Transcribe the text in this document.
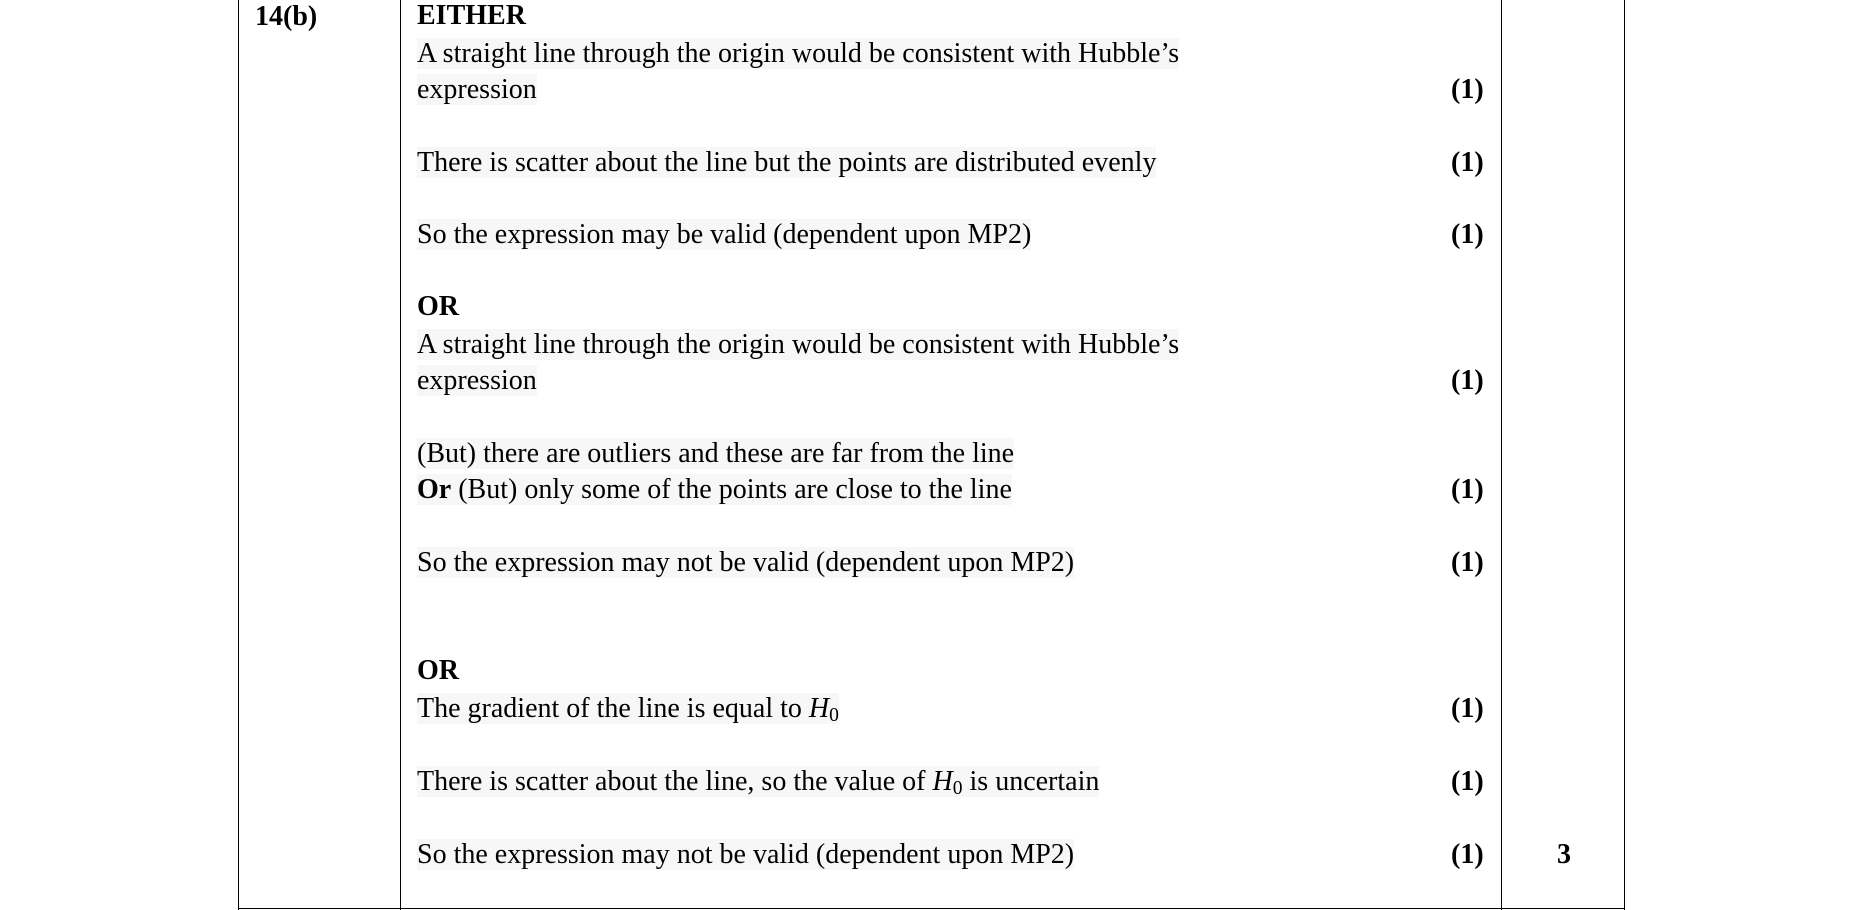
14(b)	EITHER
A straight line through the origin would be consistent with Hubble’s
expression	(1)
There is scatter about the line but the points are distributed evenly	(1)
So the expression may be valid (dependent upon MP2)	(1)
OR
A straight line through the origin would be consistent with Hubble’s
expression	(1)
(But) there are outliers and these are far from the line
Or (But) only some of the points are close to the line	(1)
So the expression may not be valid (dependent upon MP2)	(1)
OR
The gradient of the line is equal to H0	(1)
There is scatter about the line, so the value of H0 is uncertain	(1)
So the expression may not be valid (dependent upon MP2)	(1)	3
